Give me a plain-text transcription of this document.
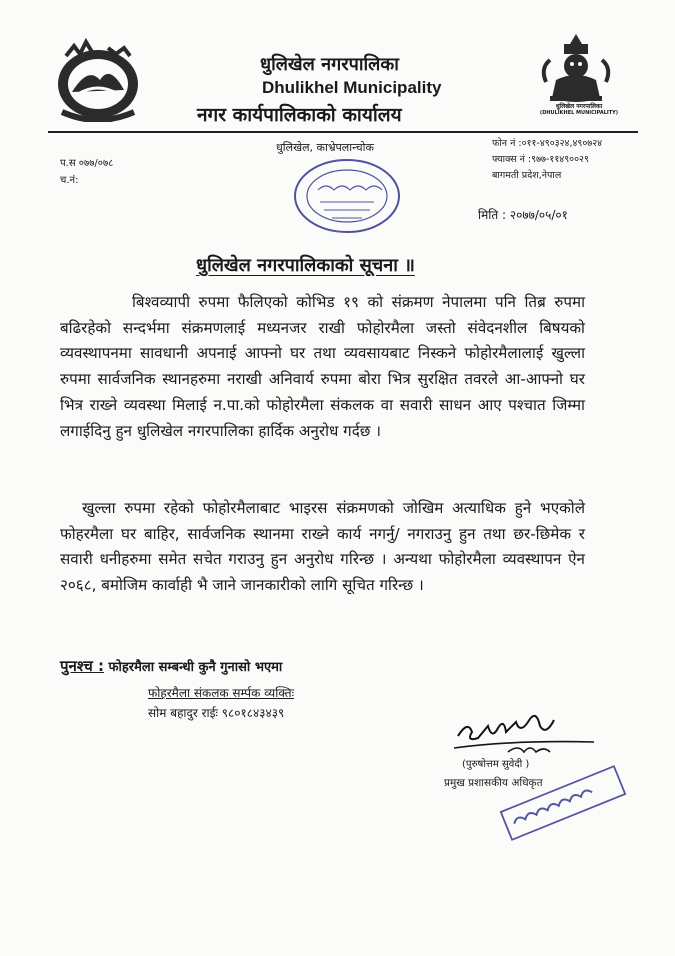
धुलिखेल नगरपालिका
(DHULIKHEL MUNICIPALITY)
धुलिखेल नगरपालिका
Dhulikhel Municipality
नगर कार्यपालिकाको कार्यालय
फोन नं :०११-४९०३२४,४९०७२४
फ्याक्स नं :९७७-११४९००२९
बागमती प्रदेश,नेपाल
धुलिखेल, काभ्रेपलान्चोक
प.स ०७७/०७८
च.नं:
मिति : २०७७/०५/०१
धुलिखेल नगरपालिकाको सूचना ॥
बिश्वव्यापी रुपमा फैलिएको कोभिड १९ को संक्रमण नेपालमा पनि तिब्र रुपमा बढिरहेको सन्दर्भमा संक्रमणलाई मध्यनजर राखी फोहोरमैला जस्तो संवेदनशील बिषयको व्यवस्थापनमा सावधानी अपनाई आफ्नो घर तथा व्यवसायबाट निस्कने फोहोरमैलालाई खुल्ला रुपमा सार्वजनिक स्थानहरुमा नराखी अनिवार्य रुपमा बोरा भित्र सुरक्षित तवरले आ-आफ्नो घर भित्र राख्ने व्यवस्था मिलाई न.पा.को फोहोरमैला संकलक वा सवारी साधन आए पश्चात जिम्मा लगाईदिनु हुन धुलिखेल नगरपालिका हार्दिक अनुरोध गर्दछ ।
खुल्ला रुपमा रहेको फोहोरमैलाबाट भाइरस संक्रमणको जोखिम अत्याधिक हुने भएकोले फोहरमैला घर बाहिर, सार्वजनिक स्थानमा राख्ने कार्य नगर्नु/ नगराउनु हुन तथा छर-छिमेक र सवारी धनीहरुमा समेत सचेत गराउनु हुन अनुरोध गरिन्छ । अन्यथा फोहोरमैला व्यवस्थापन ऐन २०६८, बमोजिम कार्वाही भै जाने जानकारीको लागि सूचित गरिन्छ ।
पुनश्च : फोहरमैला सम्बन्धी कुनै गुनासो भएमा
फोहरमैला संकलक सर्म्पक व्यक्तिः
सोम बहादुर राईः ९८०१८४३४३९
(पुरुषोत्तम सुवेदी )
प्रमुख प्रशासकीय अधिकृत
